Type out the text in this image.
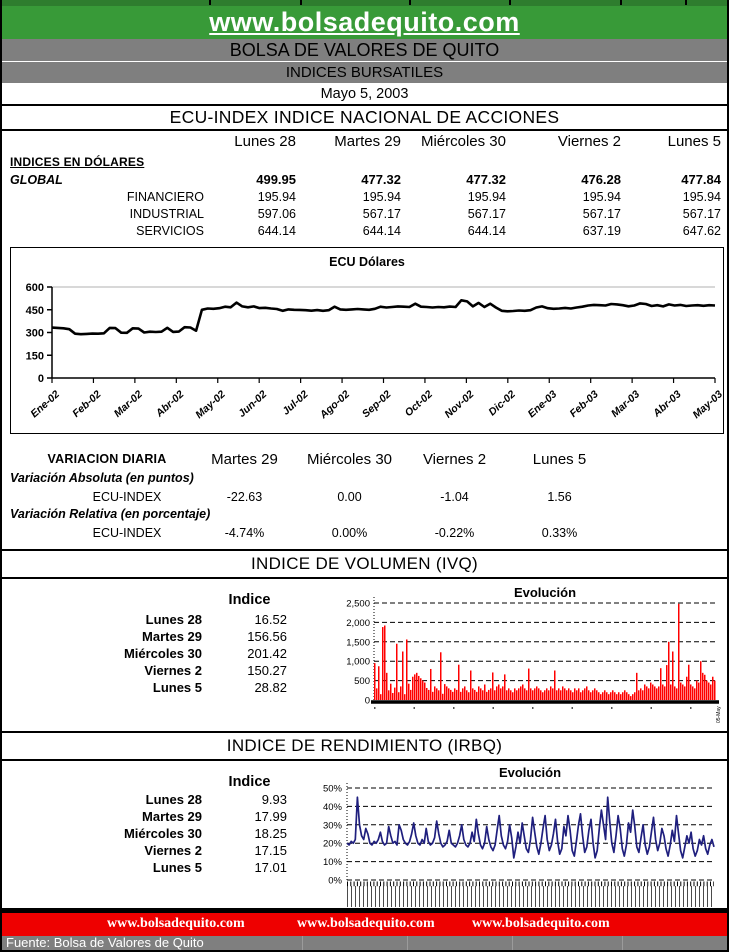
www.bolsadequito.com
BOLSA DE VALORES DE QUITO
INDICES BURSATILES
Mayo 5, 2003
ECU-INDEX INDICE NACIONAL DE ACCIONES
Lunes 28	Martes 29	Miércoles 30	Viernes 2	Lunes 5
INDICES EN DÓLARES
GLOBAL	499.95	477.32	477.32	476.28	477.84
FINANCIERO	195.94	195.94	195.94	195.94	195.94
INDUSTRIAL	597.06	567.17	567.17	567.17	567.17
SERVICIOS	644.14	644.14	644.14	637.19	647.62
ECU Dólares
0
150
300
450
600
Ene-02 Feb-02 Mar-02 Abr-02 May-02 Jun-02 Jul-02 Ago-02 Sep-02 Oct-02 Nov-02 Dic-02 Ene-03 Feb-03 Mar-03 Abr-03 May-03
VARIACION DIARIA	Martes 29	Miércoles 30	Viernes 2	Lunes 5
Variación Absoluta (en puntos)
ECU-INDEX	-22.63	0.00	-1.04	1.56
Variación Relativa (en porcentaje)
ECU-INDEX	-4.74%	0.00%	-0.22%	0.33%
INDICE DE VOLUMEN (IVQ)
Indice
Lunes 28	16.52
Martes 29	156.56
Miércoles 30	201.42
Viernes 2	150.27
Lunes 5	28.82
Evolución
0
500
1,000
1,500
2,000
2,500
05-May
INDICE DE RENDIMIENTO (IRBQ)
Indice
Lunes 28	9.93
Martes 29	17.99
Miércoles 30	18.25
Viernes 2	17.15
Lunes 5	17.01
Evolución
0%
10%
20%
30%
40%
50%
www.bolsadequito.com	www.bolsadequito.com	www.bolsadequito.com
Fuente: Bolsa de Valores de Quito
